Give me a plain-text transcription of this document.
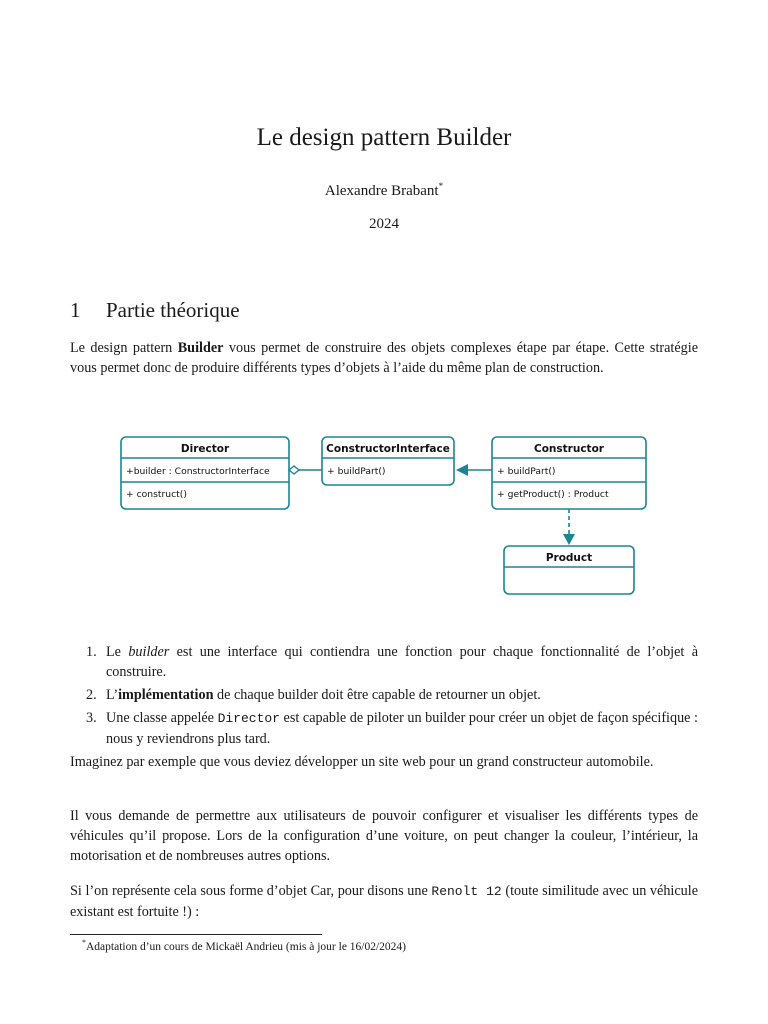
Le design pattern Builder
Alexandre Brabant*
2024
1 Partie théorique
Le design pattern Builder vous permet de construire des objets complexes étape par étape. Cette stratégie vous permet donc de produire différents types d’objets à l’aide du même plan de construction.
Director
+builder : ConstructorInterface
+ construct()
ConstructorInterface
+ buildPart()
Constructor
+ buildPart()
+ getProduct() : Product
Product
1. Le builder est une interface qui contiendra une fonction pour chaque fonctionnalité de l’objet à construire.
2. L’implémentation de chaque builder doit être capable de retourner un objet.
3. Une classe appelée Director est capable de piloter un builder pour créer un objet de façon spécifique : nous y reviendrons plus tard.
Imaginez par exemple que vous deviez développer un site web pour un grand constructeur automobile.
Il vous demande de permettre aux utilisateurs de pouvoir configurer et visualiser les différents types de véhicules qu’il propose. Lors de la configuration d’une voiture, on peut changer la couleur, l’intérieur, la motorisation et de nombreuses autres options.
Si l’on représente cela sous forme d’objet Car, pour disons une Renolt 12 (toute similitude avec un véhicule existant est fortuite !) :
*Adaptation d’un cours de Mickaël Andrieu (mis à jour le 16/02/2024)
